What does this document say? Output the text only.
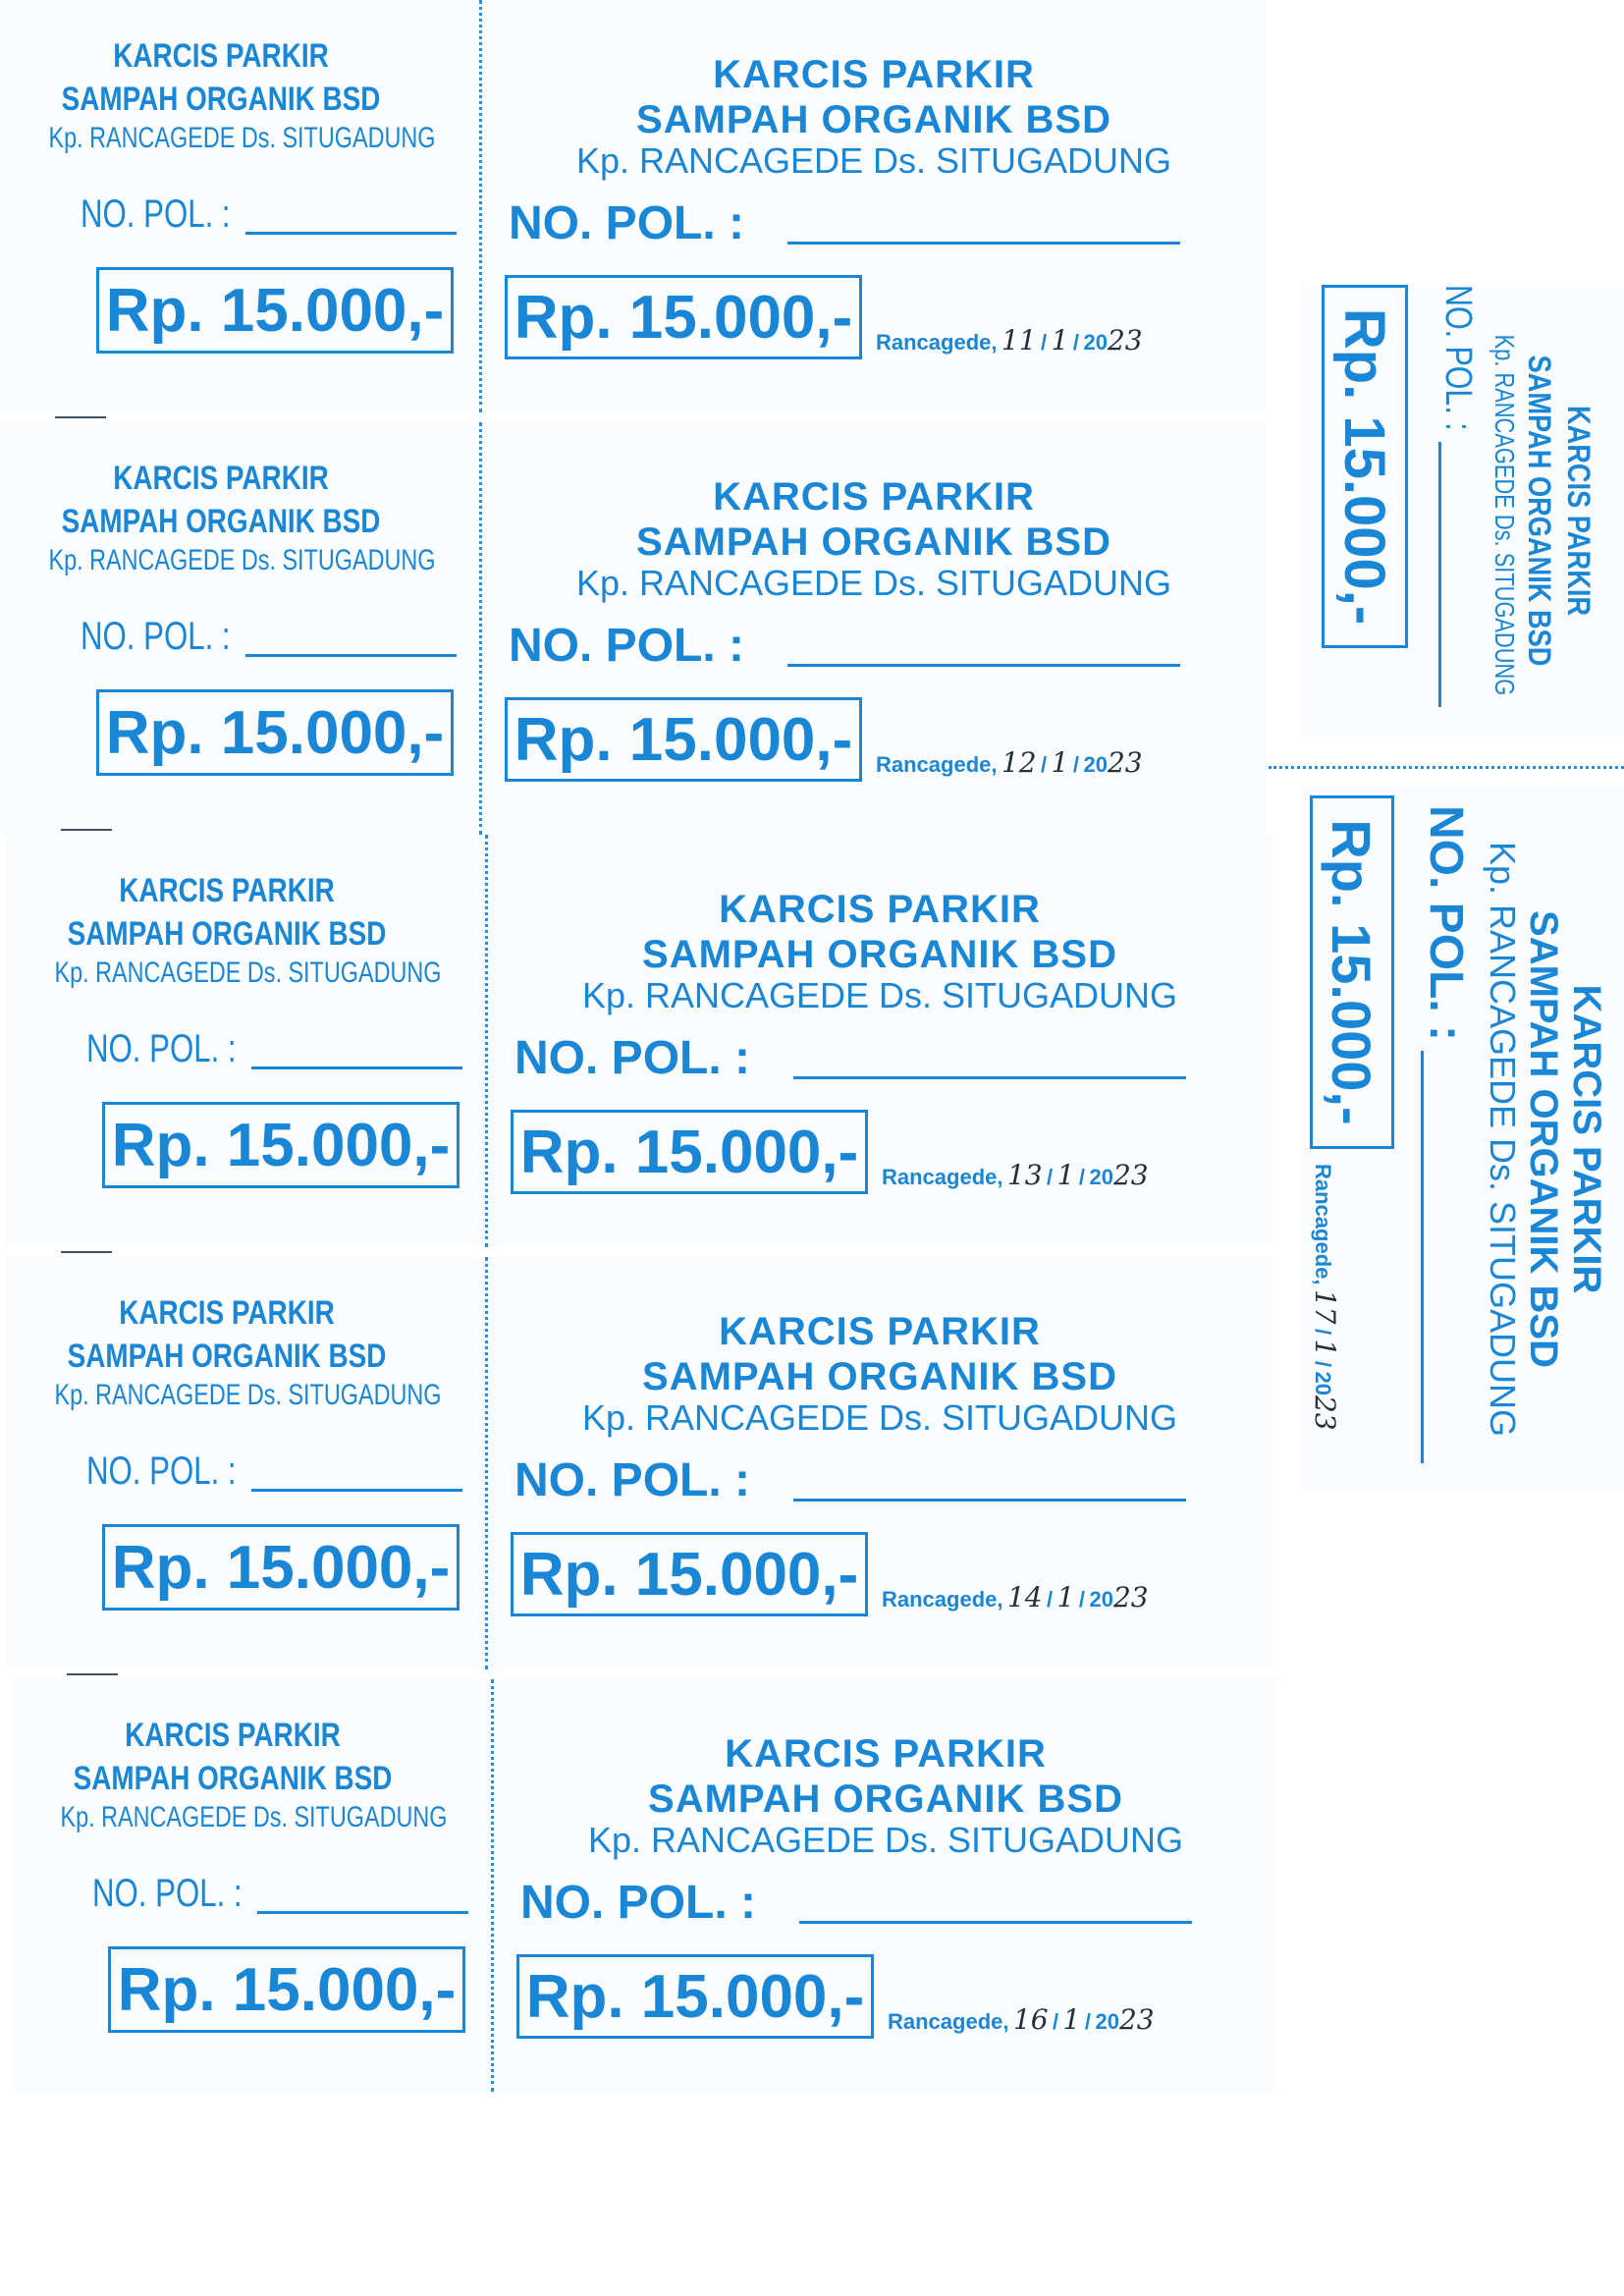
KARCIS PARKIR
SAMPAH ORGANIK BSD
Kp. RANCAGEDE Ds. SITUGADUNG
NO. POL. :
Rp. 15.000,-
KARCIS PARKIR
SAMPAH ORGANIK BSD
Kp. RANCAGEDE Ds. SITUGADUNG
NO. POL. :
Rp. 15.000,- Rancagede, 11 / 1 / 2023
KARCIS PARKIR
SAMPAH ORGANIK BSD
Kp. RANCAGEDE Ds. SITUGADUNG
NO. POL. :
Rp. 15.000,-
KARCIS PARKIR
SAMPAH ORGANIK BSD
Kp. RANCAGEDE Ds. SITUGADUNG
NO. POL. :
Rp. 15.000,- Rancagede, 12 / 1 / 2023
KARCIS PARKIR
SAMPAH ORGANIK BSD
Kp. RANCAGEDE Ds. SITUGADUNG
NO. POL. :
Rp. 15.000,-
KARCIS PARKIR
SAMPAH ORGANIK BSD
Kp. RANCAGEDE Ds. SITUGADUNG
NO. POL. :
Rp. 15.000,- Rancagede, 13 / 1 / 2023
KARCIS PARKIR
SAMPAH ORGANIK BSD
Kp. RANCAGEDE Ds. SITUGADUNG
NO. POL. :
Rp. 15.000,-
KARCIS PARKIR
SAMPAH ORGANIK BSD
Kp. RANCAGEDE Ds. SITUGADUNG
NO. POL. :
Rp. 15.000,- Rancagede, 14 / 1 / 2023
KARCIS PARKIR
SAMPAH ORGANIK BSD
Kp. RANCAGEDE Ds. SITUGADUNG
NO. POL. :
Rp. 15.000,-
KARCIS PARKIR
SAMPAH ORGANIK BSD
Kp. RANCAGEDE Ds. SITUGADUNG
NO. POL. :
Rp. 15.000,- Rancagede, 16 / 1 / 2023
KARCIS PARKIR
SAMPAH ORGANIK BSD
Kp. RANCAGEDE Ds. SITUGADUNG
NO. POL. :
Rp. 15.000,-
KARCIS PARKIR
SAMPAH ORGANIK BSD
Kp. RANCAGEDE Ds. SITUGADUNG
NO. POL. :
Rp. 15.000,-
Rancagede, 17 / 1 / 2023
